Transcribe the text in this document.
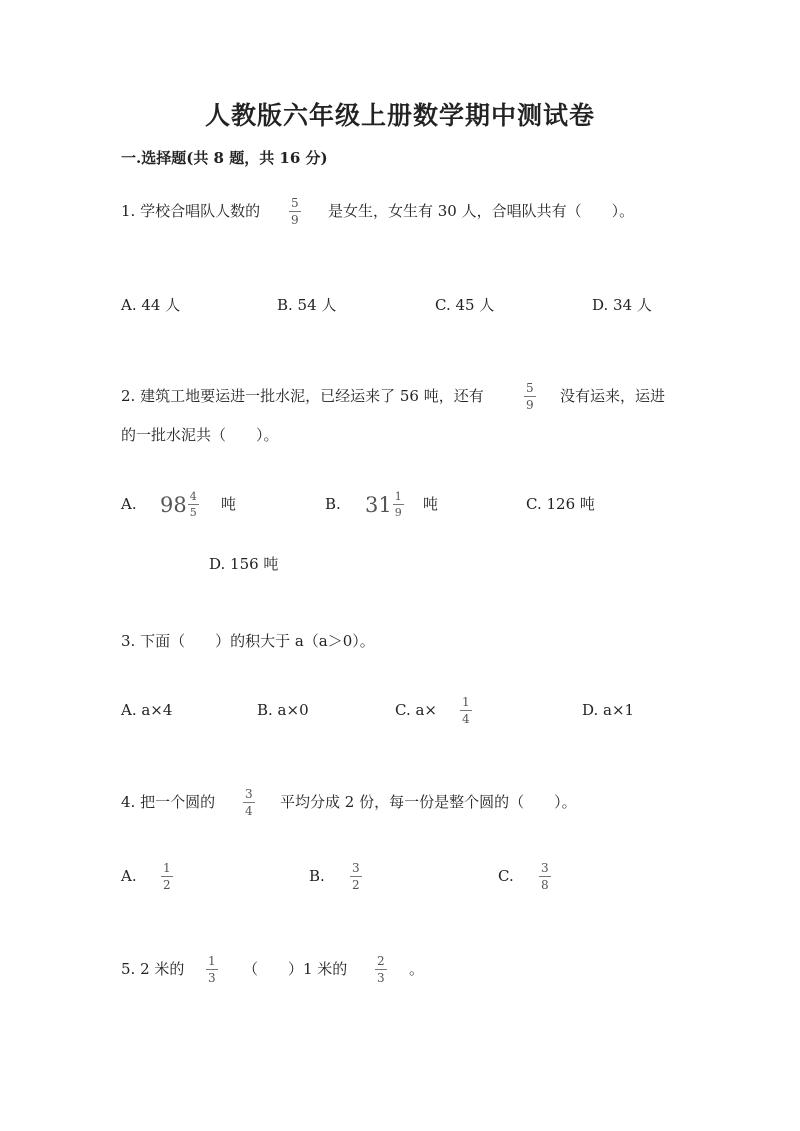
人教版六年级上册数学期中测试卷
一.选择题(共 8 题，共 16 分)
1. 学校合唱队人数的 $\frac{5}{9}$ 是女生，女生有 30 人，合唱队共有（　　）。
A. 44 人	B. 54 人	C. 45 人	D. 34 人
2. 建筑工地要运进一批水泥，已经运来了 56 吨，还有	$\frac{5}{9}$ 没有运来，运进
的一批水泥共（　　）。
A. $98 \frac{4}{5}$ 吨	B. $31 \frac{1}{9}$ 吨	C. 126 吨
D. 156 吨
3. 下面（　　）的积大于 a（a＞0）。
A. a×4	B. a×0	C. $a\times \frac{1}{4}$	D. a×1
4. 把一个圆的 $\frac{3}{4}$ 平均分成 2 份，每一份是整个圆的（　　）。
A. $\frac{1}{2}$	B. $\frac{3}{2}$	C. $\frac{3}{8}$
5. 2 米的 $\frac{1}{3}$ （　　）1 米的 $\frac{2}{3}$ 。
